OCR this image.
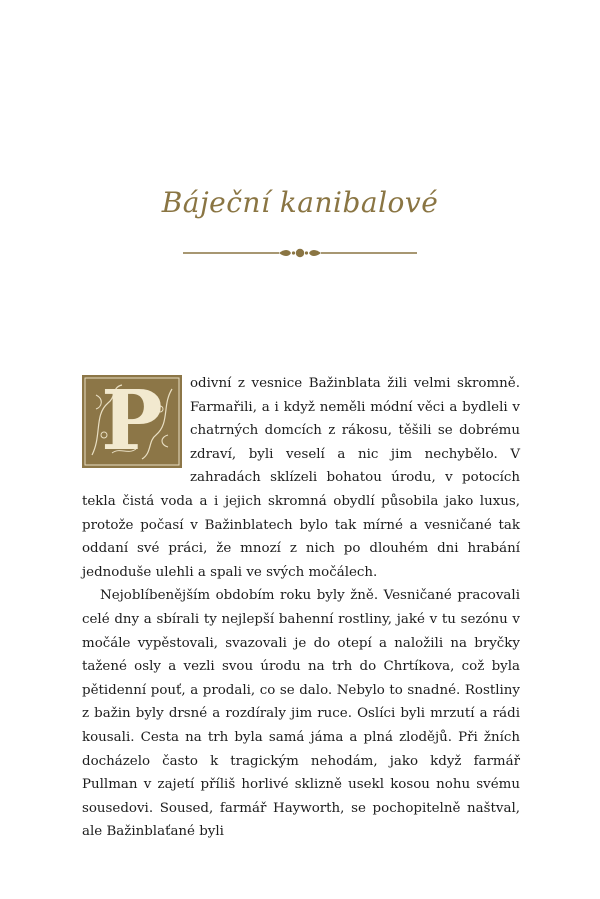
Báječní kanibalové
P	odivní z vesnice Bažinblata žili velmi skromně. Farmařili, a i když neměli módní věci a bydleli v chatrných domcích z rákosu, těšili se dobrému zdraví, byli veselí a nic jim nechybělo. V zahradách sklízeli bohatou úrodu, v potocích tekla čistá voda a i jejich skromná obydlí působila jako luxus, protože počasí v Bažinblatech bylo tak mírné a vesničané tak oddaní své práci, že mnozí z nich po dlouhém dni hrabání jednoduše ulehli a spali ve svých močálech.

Nejoblíbenějším obdobím roku byly žně. Vesničané pracovali celé dny a sbírali ty nejlepší bahenní rostliny, jaké v tu sezónu v močále vypěstovali, svazovali je do otepí a naložili na bryčky tažené osly a vezli svou úrodu na trh do Chrtíkova, což byla pětidenní pouť, a prodali, co se dalo. Nebylo to snadné. Rostliny z bažin byly drsné a rozdíraly jim ruce. Oslíci byli mrzutí a rádi kousali. Cesta na trh byla samá jáma a plná zlodějů. Při žních docházelo často k tragickým nehodám, jako když farmář Pullman v zajetí příliš horlivé sklizně usekl kosou nohu svému sousedovi. Soused, farmář Hayworth, se pochopitelně naštval, ale Bažinblaťané byli
